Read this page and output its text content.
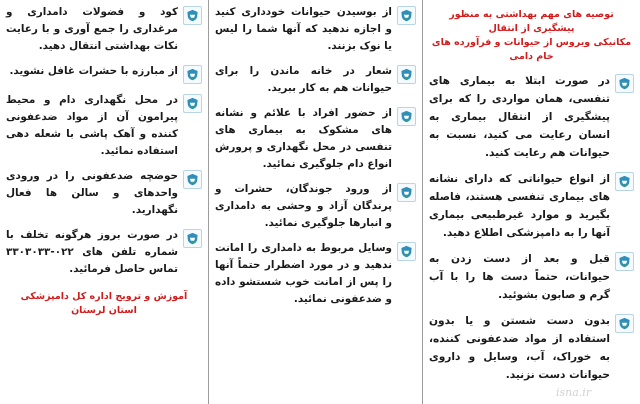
توصیه های مهم بهداشتی به منظور پیشگیری از انتقال
مکانیکی ویروس از حیوانات و فرآورده های خام دامی
در صورت ابتلا به بیماری های تنفسی، همان مواردی را که برای پیشگیری از انتقال بیماری به انسان رعایت می کنید، نسبت به حیوانات هم رعایت کنید.
از انواع حیواناتی که دارای نشانه های بیماری تنفسی هستند، فاصله بگیرید و موارد غیرطبیعی بیماری آنها را به دامپزشکی اطلاع دهید.
قبل و بعد از دست زدن به حیوانات، حتماً دست ها را با آب گرم و صابون بشوئید.
بدون دست شستن و یا بدون استفاده از مواد ضدعفونی کننده، به خوراک، آب، وسایل و داروی حیوانات دست نزنید.
از بوسیدن حیوانات خودداری کنید و اجازه ندهید که آنها شما را لیس یا نوک بزنند.
شعار در خانه ماندن را برای حیوانات هم به کار ببرید.
از حضور افراد با علائم و نشانه های مشکوک به بیماری های تنفسی در محل نگهداری و پرورش انواع دام جلوگیری نمائید.
از ورود جوندگان، حشرات و پرندگان آزاد و وحشی به دامداری و انبارها جلوگیری نمائید.
وسایل مربوط به دامداری را امانت ندهید و در مورد اضطرار حتماً آنها را پس از امانت خوب شستشو داده و ضدعفونی نمائید.
کود و فضولات دامداری و مرغداری را جمع آوری و با رعایت نکات بهداشتی انتقال دهید.
از مبارزه با حشرات غافل نشوید.
در محل نگهداری دام و محیط پیرامون آن از مواد ضدعفونی کننده و آهک پاشی با شعله دهی استفاده نمائید.
حوضچه ضدعفونی را در ورودی واحدهای و سالن ها فعال نگهدارید.
در صورت بروز هرگونه تخلف با شماره تلفن های ۰۲۲-۳۳۰۳۰۳۳ تماس حاصل فرمائید.
آموزش و ترویج اداره کل دامپزشکی استان لرستان
isna.ir
